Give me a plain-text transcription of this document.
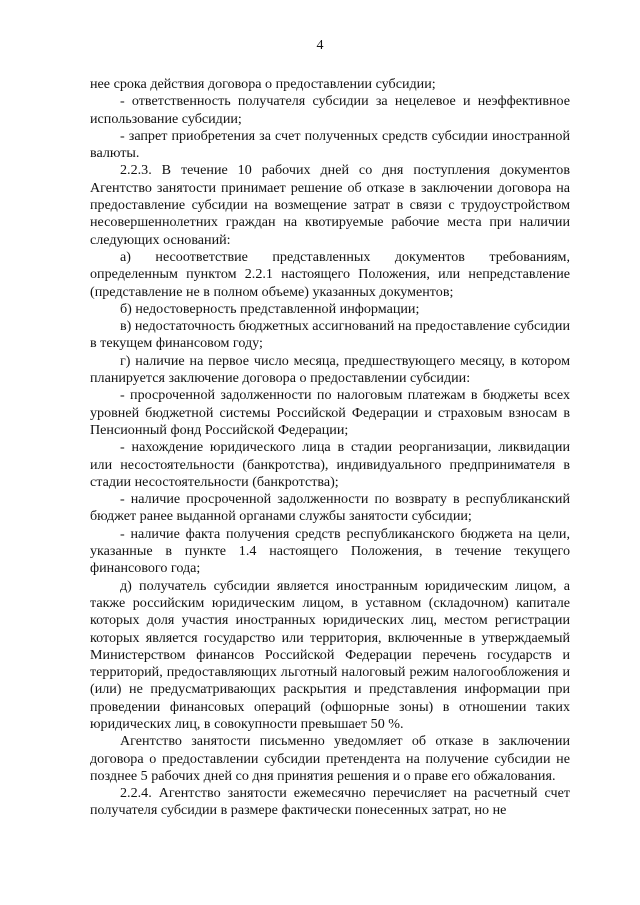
4

нее срока действия договора о предоставлении субсидии;

- ответственность получателя субсидии за нецелевое и неэффективное использование субсидии;

- запрет приобретения за счет полученных средств субсидии иностранной валюты.

2.2.3. В течение 10 рабочих дней со дня поступления документов Агентство занятости принимает решение об отказе в заключении договора на предоставление субсидии на возмещение затрат в связи с трудоустройством несовершеннолетних граждан на квотируемые рабочие места при наличии следующих оснований:

а) несоответствие представленных документов требованиям, определенным пунктом 2.2.1 настоящего Положения, или непредставление (представление не в полном объеме) указанных документов;

б) недостоверность представленной информации;

в) недостаточность бюджетных ассигнований на предоставление субсидии в текущем финансовом году;

г) наличие на первое число месяца, предшествующего месяцу, в котором планируется заключение договора о предоставлении субсидии:

- просроченной задолженности по налоговым платежам в бюджеты всех уровней бюджетной системы Российской Федерации и страховым взносам в Пенсионный фонд Российской Федерации;

- нахождение юридического лица в стадии реорганизации, ликвидации или несостоятельности (банкротства), индивидуального предпринимателя в стадии несостоятельности (банкротства);

- наличие просроченной задолженности по возврату в республиканский бюджет ранее выданной органами службы занятости субсидии;

- наличие факта получения средств республиканского бюджета на цели, указанные в пункте 1.4 настоящего Положения, в течение текущего финансового года;

д) получатель субсидии является иностранным юридическим лицом, а также российским юридическим лицом, в уставном (складочном) капитале которых доля участия иностранных юридических лиц, местом регистрации которых является государство или территория, включенные в утверждаемый Министерством финансов Российской Федерации перечень государств и территорий, предоставляющих льготный налоговый режим налогообложения и (или) не предусматривающих раскрытия и представления информации при проведении финансовых операций (офшорные зоны) в отношении таких юридических лиц, в совокупности превышает 50 %.

Агентство занятости письменно уведомляет об отказе в заключении договора о предоставлении субсидии претендента на получение субсидии не позднее 5 рабочих дней со дня принятия решения и о праве его обжалования.

2.2.4. Агентство занятости ежемесячно перечисляет на расчетный счет получателя субсидии в размере фактически понесенных затрат, но не
